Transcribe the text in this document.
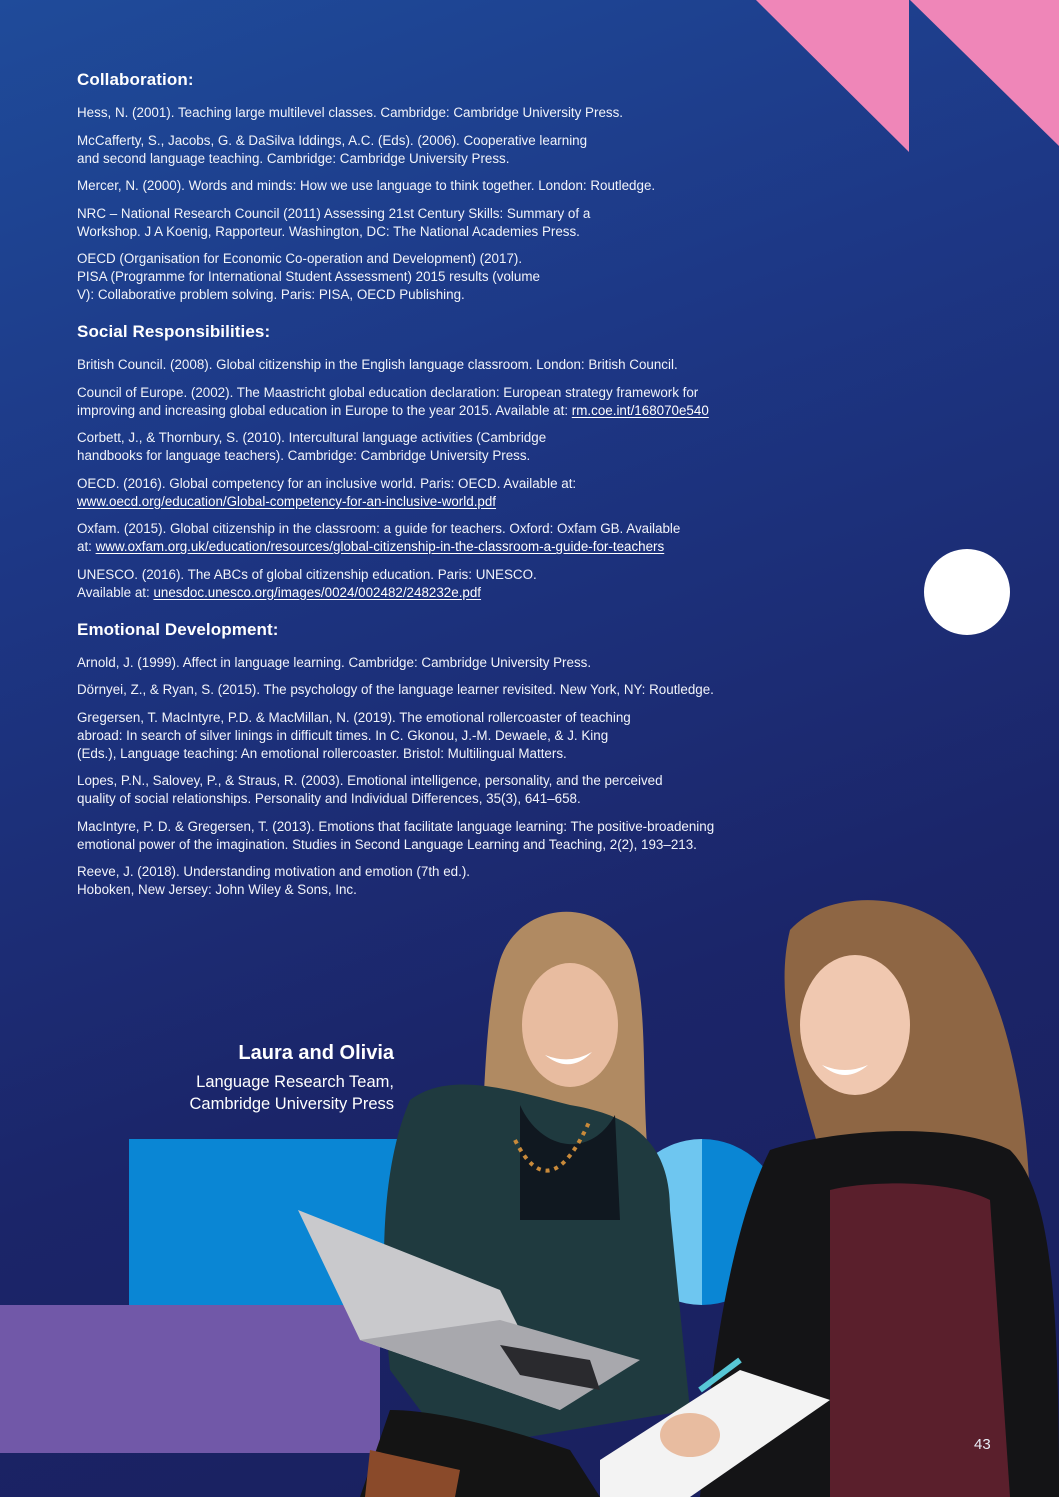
Collaboration:

Hess, N. (2001). Teaching large multilevel classes. Cambridge: Cambridge University Press.

McCafferty, S., Jacobs, G. & DaSilva Iddings, A.C. (Eds). (2006). Cooperative learning
and second language teaching. Cambridge: Cambridge University Press.

Mercer, N. (2000). Words and minds: How we use language to think together. London: Routledge.

NRC – National Research Council (2011) Assessing 21st Century Skills: Summary of a
Workshop. J A Koenig, Rapporteur. Washington, DC: The National Academies Press.

OECD (Organisation for Economic Co-operation and Development) (2017).
PISA (Programme for International Student Assessment) 2015 results (volume
V): Collaborative problem solving. Paris: PISA, OECD Publishing.

Social Responsibilities:

British Council. (2008). Global citizenship in the English language classroom. London: British Council.

Council of Europe. (2002). The Maastricht global education declaration: European strategy framework for
improving and increasing global education in Europe to the year 2015. Available at: rm.coe.int/168070e540

Corbett, J., & Thornbury, S. (2010). Intercultural language activities (Cambridge
handbooks for language teachers). Cambridge: Cambridge University Press.

OECD. (2016). Global competency for an inclusive world. Paris: OECD. Available at:
www.oecd.org/education/Global-competency-for-an-inclusive-world.pdf

Oxfam. (2015). Global citizenship in the classroom: a guide for teachers. Oxford: Oxfam GB. Available
at: www.oxfam.org.uk/education/resources/global-citizenship-in-the-classroom-a-guide-for-teachers

UNESCO. (2016). The ABCs of global citizenship education. Paris: UNESCO.
Available at: unesdoc.unesco.org/images/0024/002482/248232e.pdf

Emotional Development:

Arnold, J. (1999). Affect in language learning. Cambridge: Cambridge University Press.

Dörnyei, Z., & Ryan, S. (2015). The psychology of the language learner revisited. New York, NY: Routledge.

Gregersen, T. MacIntyre, P.D. & MacMillan, N. (2019). The emotional rollercoaster of teaching
abroad: In search of silver linings in difficult times. In C. Gkonou, J.-M. Dewaele, & J. King
(Eds.), Language teaching: An emotional rollercoaster. Bristol: Multilingual Matters.

Lopes, P.N., Salovey, P., & Straus, R. (2003). Emotional intelligence, personality, and the perceived
quality of social relationships. Personality and Individual Differences, 35(3), 641–658.

MacIntyre, P. D. & Gregersen, T. (2013). Emotions that facilitate language learning: The positive-broadening
emotional power of the imagination. Studies in Second Language Learning and Teaching, 2(2), 193–213.

Reeve, J. (2018). Understanding motivation and emotion (7th ed.).
Hoboken, New Jersey: John Wiley & Sons, Inc.

Laura and Olivia

Language Research Team,
Cambridge University Press

43
